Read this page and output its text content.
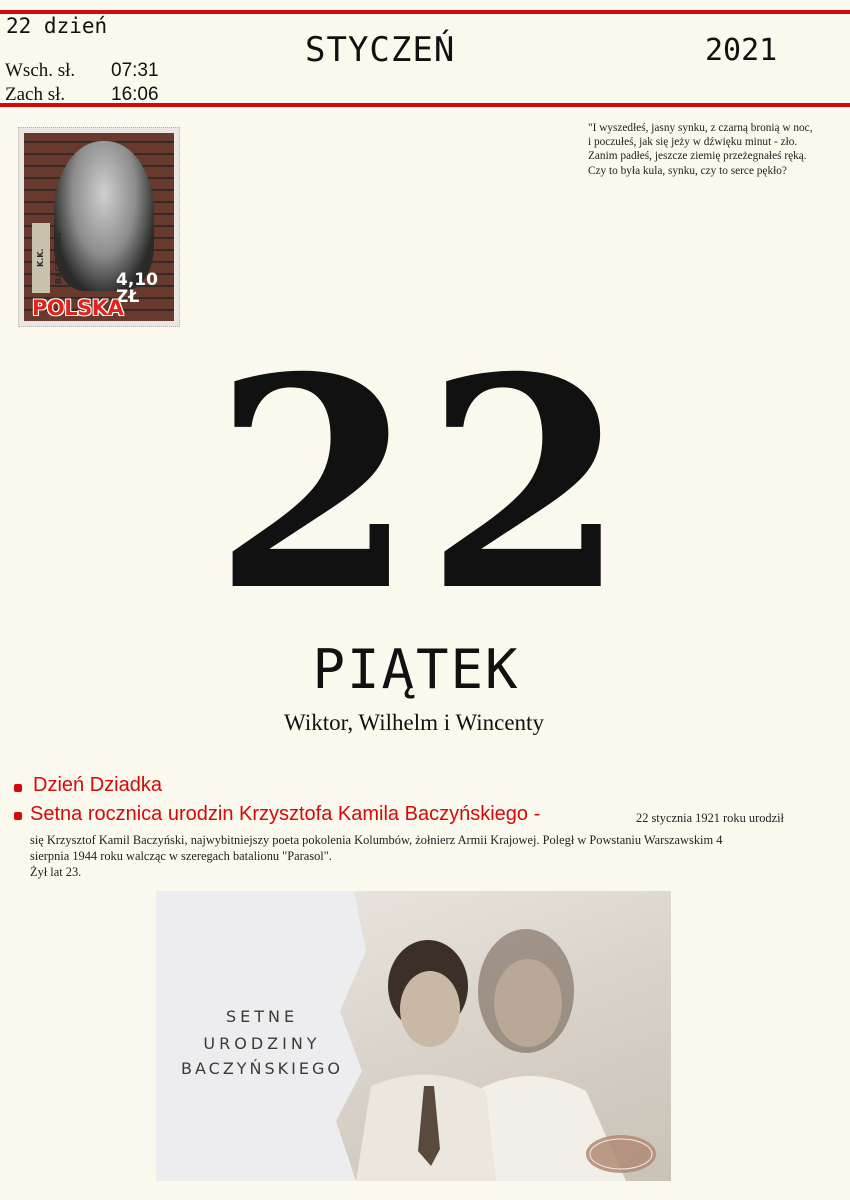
22 dzień
Wsch. sł. 07:31
Zach sł. 16:06
STYCZEŃ	2021
K.K. BACZYŃSKI	4,10 ZŁ
POLSKA
"I wyszedłeś, jasny synku, z czarną bronią w noc,
i poczułeś, jak się jeży w dźwięku minut - zło.
Zanim padłeś, jeszcze ziemię przeżegnałeś ręką.
Czy to była kula, synku, czy to serce pękło?
22
PIĄTEK
Wiktor, Wilhelm i Wincenty
Dzień Dziadka
Setna rocznica urodzin Krzysztofa Kamila Baczyńskiego -	22 stycznia 1921 roku urodził
się Krzysztof Kamil Baczyński, najwybitniejszy poeta pokolenia Kolumbów, żołnierz Armii Krajowej. Poległ w Powstaniu Warszawskim 4
sierpnia 1944 roku walcząc w szeregach batalionu "Parasol".
Żył lat 23.
SETNE
URODZINY
BACZYŃSKIEGO
